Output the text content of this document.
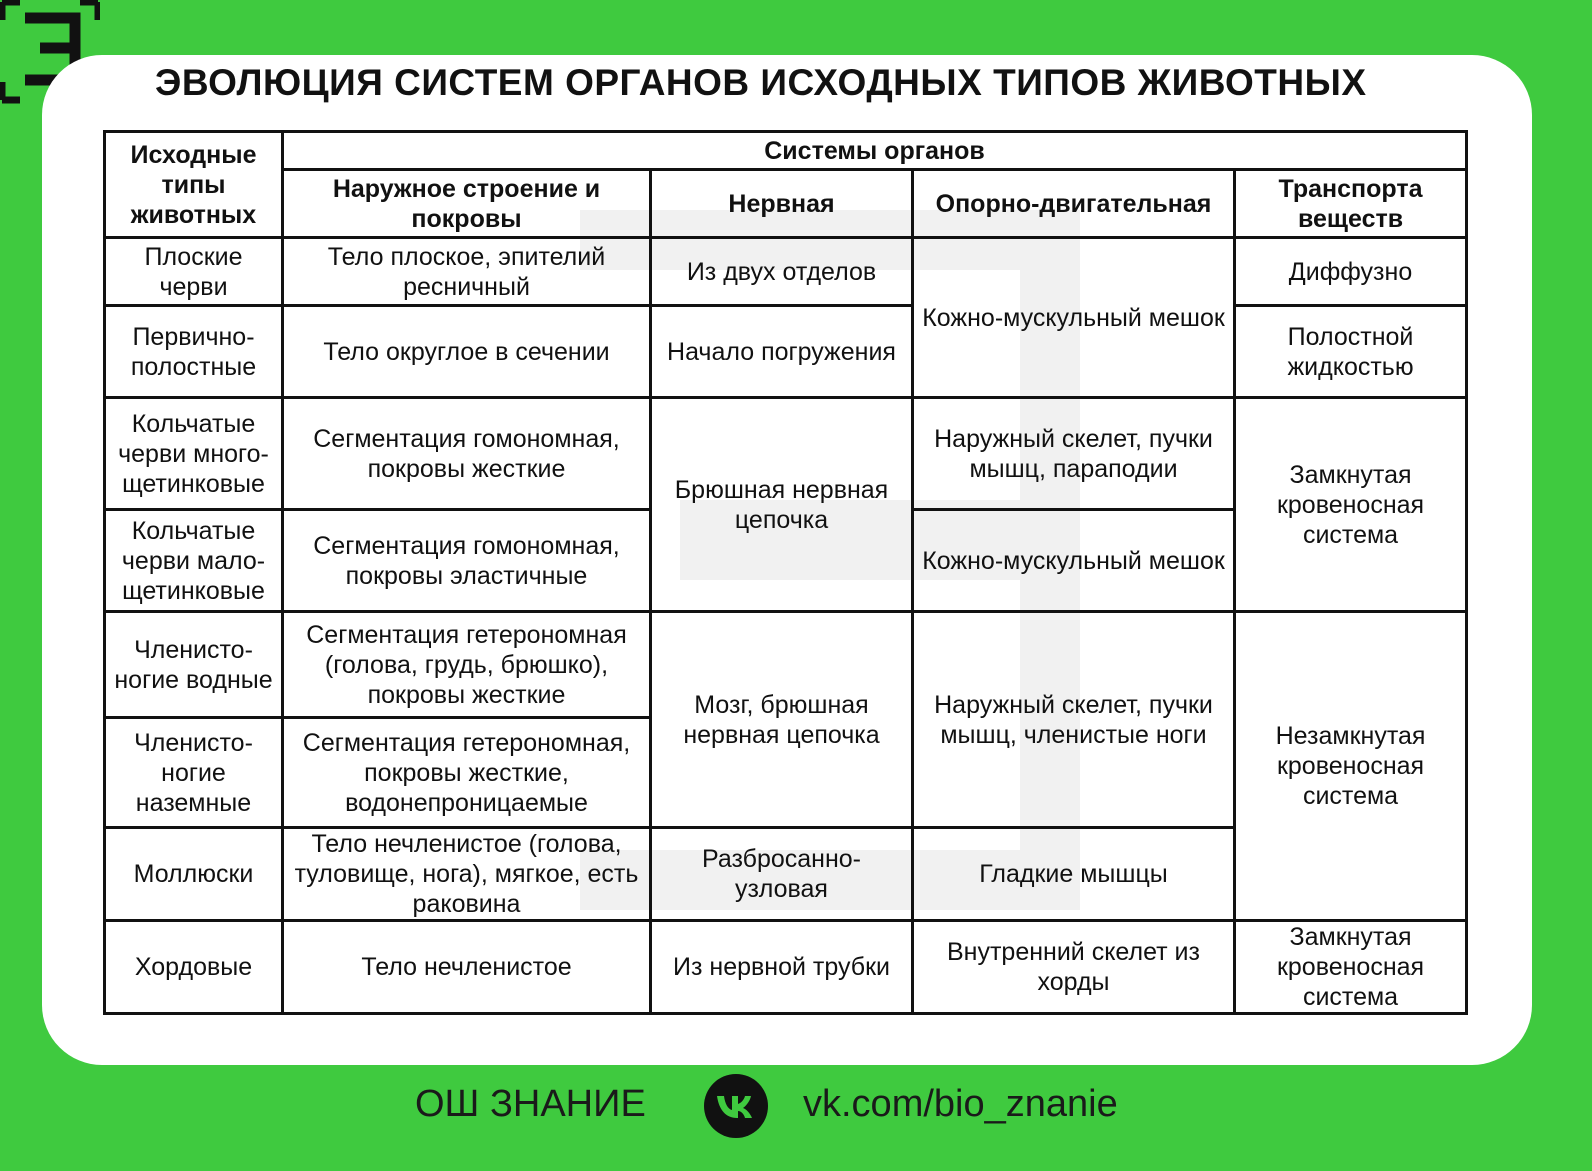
ЭВОЛЮЦИЯ СИСТЕМ ОРГАНОВ ИСХОДНЫХ ТИПОВ ЖИВОТНЫХ
Исходные типы животных	Системы органов			
	Наружное строение и покровы	Нервная	Опорно-двигательная	Транспорта веществ
Плоские черви	Тело плоское, эпителий ресничный	Из двух отделов	Кожно-мускульный мешок	Диффузно
Первично-полостные	Тело округлое в сечении	Начало погружения		Полостной жидкостью
Кольчатые черви много-щетинковые	Сегментация гомономная, покровы жесткие	Брюшная нервная цепочка	Наружный скелет, пучки мышц, параподии	Замкнутая кровеносная система
Кольчатые черви мало-щетинковые	Сегментация гомономная, покровы эластичные		Кожно-мускульный мешок	
Членисто-ногие водные	Сегментация гетерономная (голова, грудь, брюшко), покровы жесткие	Мозг, брюшная нервная цепочка	Наружный скелет, пучки мышц, членистые ноги	Незамкнутая кровеносная система
Членисто-ногие наземные	Сегментация гетерономная, покровы жесткие, водонепроницаемые			
Моллюски	Тело нечленистое (голова, туловище, нога), мягкое, есть раковина	Разбросанно-узловая	Гладкие мышцы	
Хордовые	Тело нечленистое	Из нервной трубки	Внутренний скелет из хорды	Замкнутая кровеносная система
ОШ ЗНАНИЕ	vk.com/bio_znanie
